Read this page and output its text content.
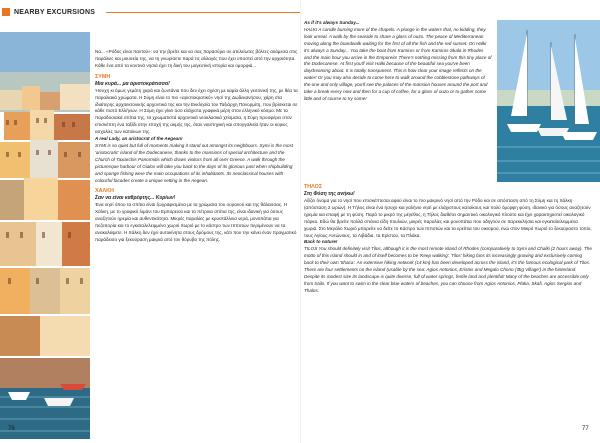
NEARBY EXCURSIONS

Να... «Ρόδος είναι παντού»: να την βρείτε και να σας παρασύρει σε ατελείωτες βόλτες ανάμεσα στις παράλιες και μουσεία της, να τη γνωρίσετε παρά τις αλλαγές που έχει υποστεί από την αρχαιότητα. Κάθε ένα από τα κοντινά νησιά έχει τη δική του μαγευτική ιστορία και ομορφιά...

ΣΥΜΗ

Μια κυρά... μα αριστοκράτισσα!

Ήσυχη κι όμως γεμάτη χαρά και ζωντάνια που δεν έχει σχέση με καμία άλλη γειτονική της, με θέα τα παραλιακά χρώματα. Η Σύμη είναι το πιο «αριστοκρατικό» νησί της Δωδεκανήσου, χάρη στα ιδιαίτερης αρχιτεκτονικής αρχοντικά της και την Εκκλησία του Ταξιάρχη Πανορμίτη, που βρίσκεται σε κάθε πιστό Ελλήνων. Η Σύμη έχει γίνει όσο ελάχιστα γραφικά μέρη στον ελληνικό κόσμο. Με τα παραδοσιακά σπίτια της, τα χρωματιστά αρχοντικά νεοκλασικά χτίσματα, η Σύμη προσφέρει στον επισκέπτη ένα ταξίδι στην εποχή της ακμής της, όταν ναυπηγική και σπογγαλιεία ήταν οι κύριες ασχολίες των κατοίκων της.

A real Lady, an aristocrat of the Aegean!

SYMI is so quiet but full of moments making it stand out amongst its neighbours. Symi is the most 'aristocratic' island of the Dodecanese, thanks to the mansions of special architecture and the Church of Taxiarchis Panormitis which draws visitors from all over Greece. A walk through the picturesque harbour of Gialos will take you back to the days of its glorious past when shipbuilding and sponge fishing were the main occupations of its inhabitants. Its neoclassical houses with colourful facades create a unique setting in the Aegean.

ΧΑΛΚΗ

Σαν να είναι καθρέφτης... Κυρίων!

Ένα νησί όπου τα σπίτια είναι ζωγραφισμένα με τα χρώματα του ουρανού και της θάλασσας. Η Χάλκη, με το γραφικό λιμάνι του Εμπορειού και τα πέτρινα σπίτια της, είναι ιδανική για όσους αναζητούν ηρεμία και αυθεντικότητα. Μικρές παραλίες με κρυστάλλινα νερά, μονοπάτια για πεζοπορία και το εγκαταλελειμμένο χωριό Χωριό με το κάστρο των Ιπποτών περιμένουν να τα ανακαλύψετε. Η Χάλκη δεν έχει αυτοκίνητα στους δρόμους της, κάτι που την κάνει έναν πραγματικό παράδεισο για ξεκούραση μακριά από τον θόρυβο της πόλης.

As if it's always Sunday...

HALKI A candle burning more of the chapels. A plunge in the waters that, no kidding, they look unreal. A walk by the seaside to share a glass of ouzo. The peace of Mediterranean moving along the boardwalk waiting for the first of all the fish and the red sunset. On Halki it's always a Sunday... You take the boat from Kamiros or from Kamiros-Skala in Rhodes and the main hour you arrive in the Emporeio! There's nothing missing from this tiny place of the Dodecanese. At first you'll visit Halki because of the beautiful sea you've been daydreaming about. It is totally transparent. This is how clear your image reflects on the water! Or you may also decide to come here to walk around the cobblestone pathways of the one and only village, you'll see the palaces of the mansion houses around the port and take a break every now and then for a cup of coffee, for a glass of ouzo or to gather some little and of course to try some!

ΤΗΛΟΣ

Στη Φύση της ανήκω!

Αξίζει όνομα για το νησί που επισκέπτεσαι αφού είναι το πιο μακρινό νησί από την Ρόδο και σε απόσταση από τη Σύμη και τη Χάλκη (απόσταση 2 ωρών). Η Τήλος είναι ένα ήσυχο και γαλήνιο νησί με ελάχιστους κατοίκους και πολύ όμορφη φύση, ιδανικό για όσους αναζητούν ηρεμία και επαφή με τη φύση. Παρά το μικρό της μέγεθος, η Τήλος διαθέτει σημαντικό οικολογικό πλούτο και έχει χαρακτηριστεί οικολογικό πάρκο. Εδώ θα βρείτε πολλά σπάνια είδη πουλιών, μικρές παραλίες και μονοπάτια που οδηγούν σε παρεκκλήσια και εγκαταλελειμμένα χωριά. Στο Μεγάλο Χωριό μπορείτε να δείτε το Κάστρο των Ιπποτών και τα ερείπια του οικισμού, ενώ στον Μικρό Χωριό το ξεκούραστο τοπίο, τους Αγίους Αντώνιους, τα Λιβάδια, τα Ερίστου, τα Πλάκα.

Back to nature!

TILOS You should definitely visit Tilos, although it is the most remote island of Rhodes (comparatively to Symi and Chalki (2 hours away). The motto of this island should in and of itself becomes to be 'Keep walking'. Tilos' hiking fans its increasingly growing and exclusively coming back to their own 'Ithaca'. An extensive hiking network (14 km) has been developed across the island, it's the famous ecological park of Tilos. There are four settlements on the island (usable by the sea: Agios Antonios, Eristos and Megalo Chorio ('Big Village') in the hinterland. Despite its modest size its landscape is quite diverse, full of water springs, fertile land and plentiful! Many of the beaches are accessible only from trails. If you want to swim in the clear blue waters of beaches, you can choose from Agios Antonios, Plaka, Skafi, Agios Sergios and Thalos.

76	77
